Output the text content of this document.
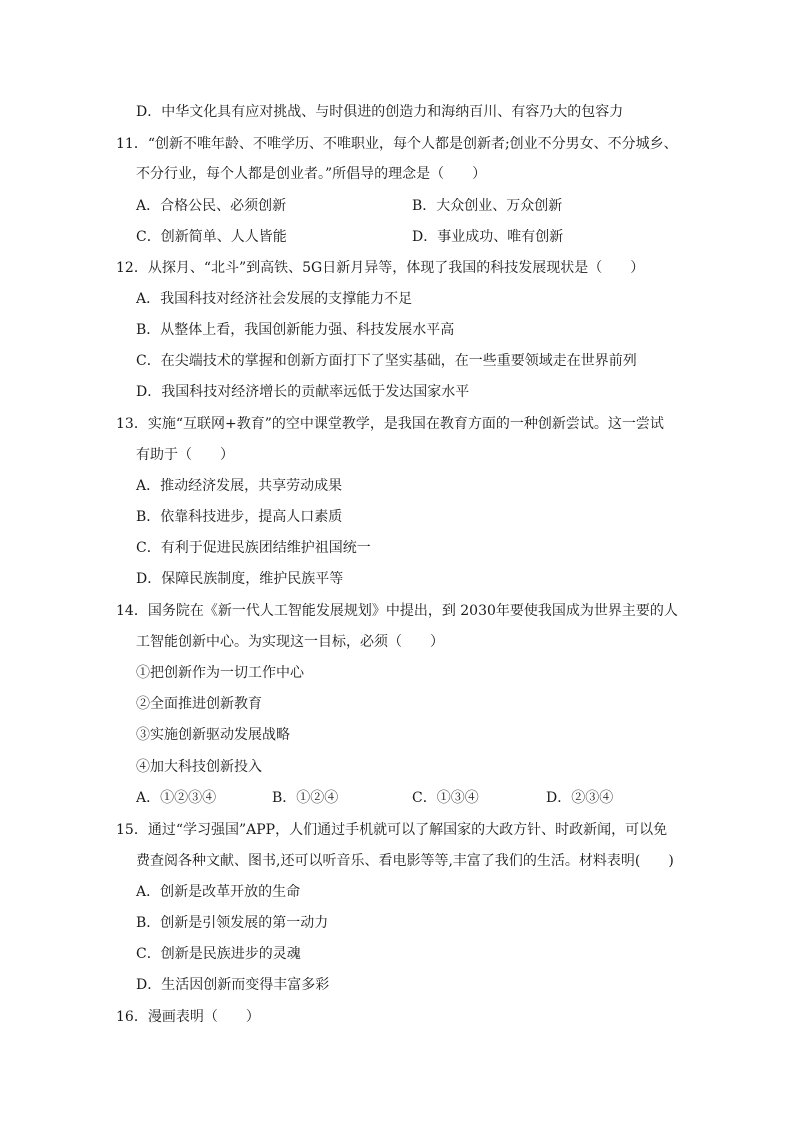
D．中华文化具有应对挑战、与时俱进的创造力和海纳百川、有容乃大的包容力
11．“创新不唯年龄、不唯学历、不唯职业，每个人都是创新者;创业不分男女、不分城乡、
不分行业，每个人都是创业者。”所倡导的理念是（　　）
A．合格公民、必须创新	B．大众创业、万众创新
C．创新简单、人人皆能	D．事业成功、唯有创新
12．从探月、“北斗”到高铁、5G日新月异等，体现了我国的科技发展现状是（　　）
A．我国科技对经济社会发展的支撑能力不足
B．从整体上看，我国创新能力强、科技发展水平高
C．在尖端技术的掌握和创新方面打下了坚实基础，在一些重要领域走在世界前列
D．我国科技对经济增长的贡献率远低于发达国家水平
13．实施“互联网+教育”的空中课堂教学，是我国在教育方面的一种创新尝试。这一尝试
有助于（　　）
A．推动经济发展，共享劳动成果
B．依靠科技进步，提高人口素质
C．有利于促进民族团结维护祖国统一
D．保障民族制度，维护民族平等
14．国务院在《新一代人工智能发展规划》中提出，到 2030年要使我国成为世界主要的人
工智能创新中心。为实现这一目标，必须（　　）
①把创新作为一切工作中心
②全面推进创新教育
③实施创新驱动发展战略
④加大科技创新投入
A．①②③④	B．①②④	C．①③④	D．②③④
15．通过“学习强国”APP，人们通过手机就可以了解国家的大政方针、时政新闻，可以免
费查阅各种文献、图书,还可以听音乐、看电影等等,丰富了我们的生活。材料表明(　　)
A．创新是改革开放的生命
B．创新是引领发展的第一动力
C．创新是民族进步的灵魂
D．生活因创新而变得丰富多彩
16．漫画表明（　　）
